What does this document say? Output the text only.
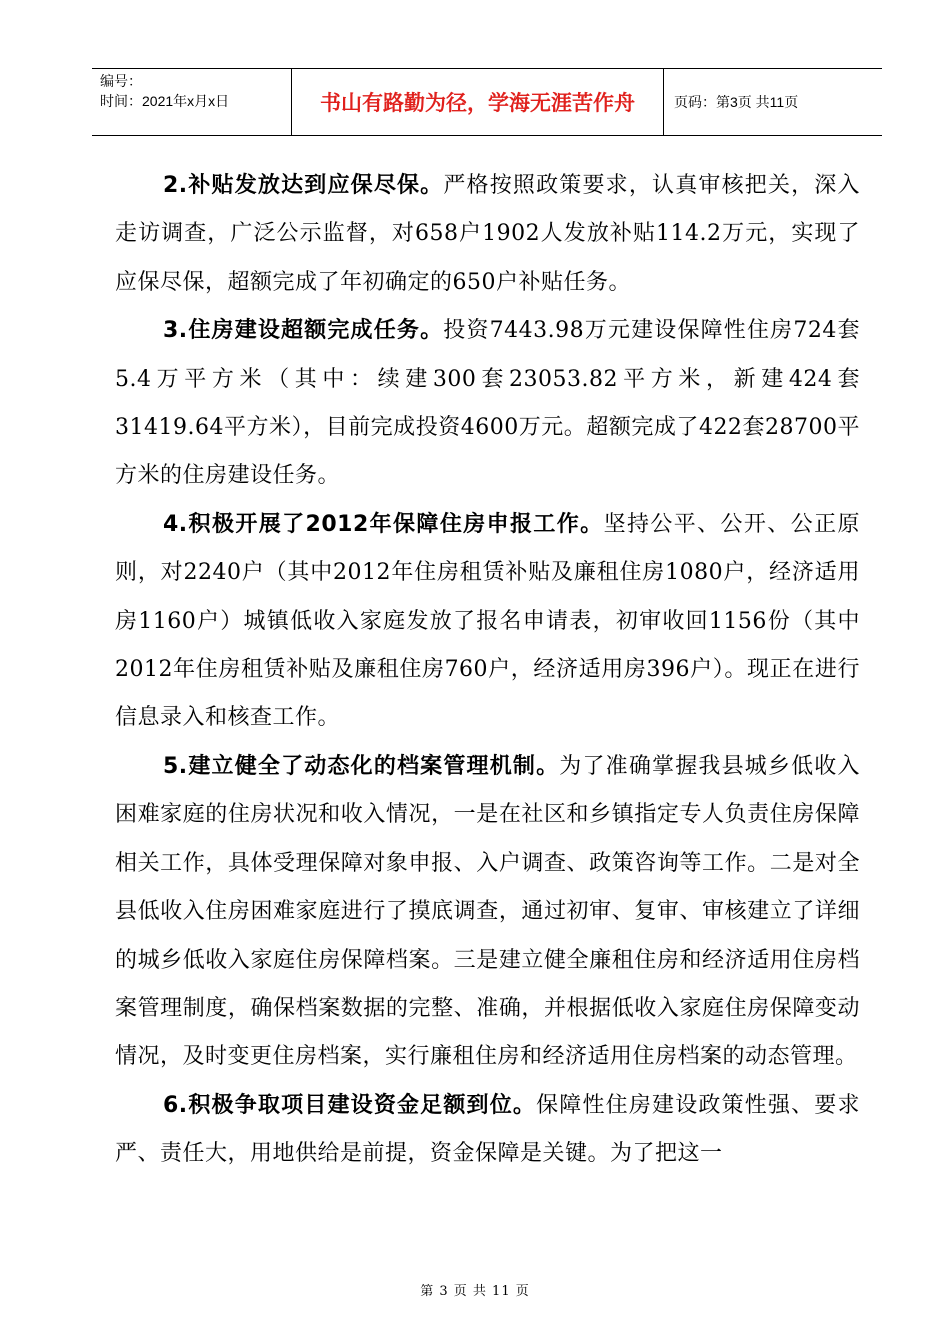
编号：
时间：2021年x月x日	书山有路勤为径，学海无涯苦作舟	页码：第3页 共11页

2.补贴发放达到应保尽保。严格按照政策要求，认真审核把关，深入走访调查，广泛公示监督，对658户1902人发放补贴114.2万元，实现了应保尽保，超额完成了年初确定的650户补贴任务。

3.住房建设超额完成任务。投资7443.98万元建设保障性住房724套5.4万平方米（其中：续建300套23053.82平方米，新建424套31419.64平方米），目前完成投资4600万元。超额完成了422套28700平方米的住房建设任务。

4.积极开展了2012年保障住房申报工作。坚持公平、公开、公正原则，对2240户（其中2012年住房租赁补贴及廉租住房1080户，经济适用房1160户）城镇低收入家庭发放了报名申请表，初审收回1156份（其中2012年住房租赁补贴及廉租住房760户，经济适用房396户）。现正在进行信息录入和核查工作。

5.建立健全了动态化的档案管理机制。为了准确掌握我县城乡低收入困难家庭的住房状况和收入情况，一是在社区和乡镇指定专人负责住房保障相关工作，具体受理保障对象申报、入户调查、政策咨询等工作。二是对全县低收入住房困难家庭进行了摸底调查，通过初审、复审、审核建立了详细的城乡低收入家庭住房保障档案。三是建立健全廉租住房和经济适用住房档案管理制度，确保档案数据的完整、准确，并根据低收入家庭住房保障变动情况，及时变更住房档案，实行廉租住房和经济适用住房档案的动态管理。

6.积极争取项目建设资金足额到位。保障性住房建设政策性强、要求严、责任大，用地供给是前提，资金保障是关键。为了把这一

第 3 页 共 11 页
